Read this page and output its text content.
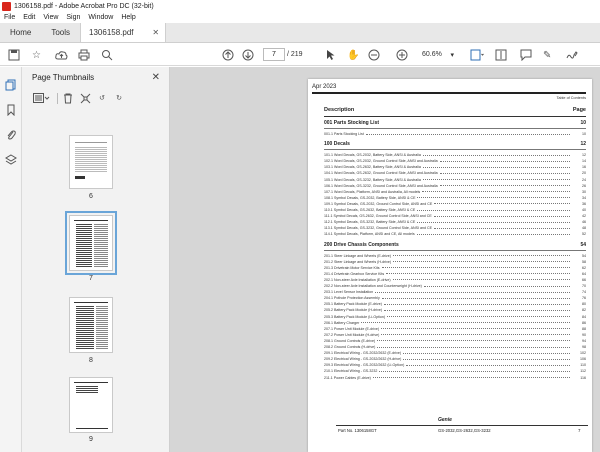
1306158.pdf - Adobe Acrobat Pro DC (32-bit)
File Edit View Sign Window Help
Home	Tools	1306158.pdf ✕
☆	7	/ 219	✋	60.6% ▾	✎
Page Thumbnails	✕
↺	↻
6
7
8
9
Apr 2023
Table of Contents
Description	Page
001 Parts Stocking List	10
001.1 Parts Stocking List	10
100 Decals	12
101.1 Word Decals, GS-2032, Battery Side, ANSI & Australia	12
102.1 Word Decals, GS-2032, Ground Control Side, ANSI and Australia	14
103.1 Word Decals, GS-2632, Battery Side, ANSI & Australia	16
104.1 Word Decals, GS-2632, Ground Control Side, ANSI and Australia	20
105.1 Word Decals, GS-3232, Battery Side, ANSI & Australia	24
106.1 Word Decals, GS-3232, Ground Control Side, ANSI and Australia	26
107.1 Word Decals, Platform, ANSI and Australia, All models	30
108.1 Symbol Decals, GS-2032, Battery Side, ANSI & CE	34
109.1 Symbol Decals, GS-2032, Ground Control Side, ANSI and CE	36
110.1 Symbol Decals, GS-2632, Battery Side, ANSI & CE	40
111.1 Symbol Decals, GS-2632, Ground Control Side, ANSI and CE	42
112.1 Symbol Decals, GS-3232, Battery Side, ANSI & CE	46
113.1 Symbol Decals, GS-3232, Ground Control Side, ANSI and CE	48
114.1 Symbol Decals, Platform, ANSI and CE, All models	52
200 Drive Chassis Components	54
201.1 Steer Linkage and Wheels (E-drive)	54
201.2 Steer Linkage and Wheels (H-drive)	58
201.3 Drivetrain Motor Service Kits	62
201.4 Drivetrain Gearbox Service Kits	64
202.1 Non-steer Axle Installation (E-drive)	66
202.2 Non-steer Axle Installation and Counterweight (H-drive)	70
203.1 Level Sensor Installation	74
204.1 Pothole Protection Assembly	76
205.1 Battery Pack Module (E-drive)	80
205.2 Battery Pack Module (H-drive)	82
205.3 Battery Pack Module (Li-Option)	84
206.1 Battery Charger	86
207.1 Power Unit Module (E-drive)	88
207.2 Power Unit Module (H-drive)	90
208.1 Ground Controls (E-drive)	94
208.2 Ground Controls (H-drive)	98
209.1 Electrical Wiring - GS-2032/2632 (E-drive)	102
209.2 Electrical Wiring - GS-2032/2632 (H-drive)	106
209.3 Electrical Wiring - GS-2032/2632 (Li-Option)	110
210.1 Electrical Wiring - GS-3232	112
211.1 Power Cables (E-drive)	116
Genie
Part No. 1306158GT	GS-2032,GS-2632,GS-3232	7
